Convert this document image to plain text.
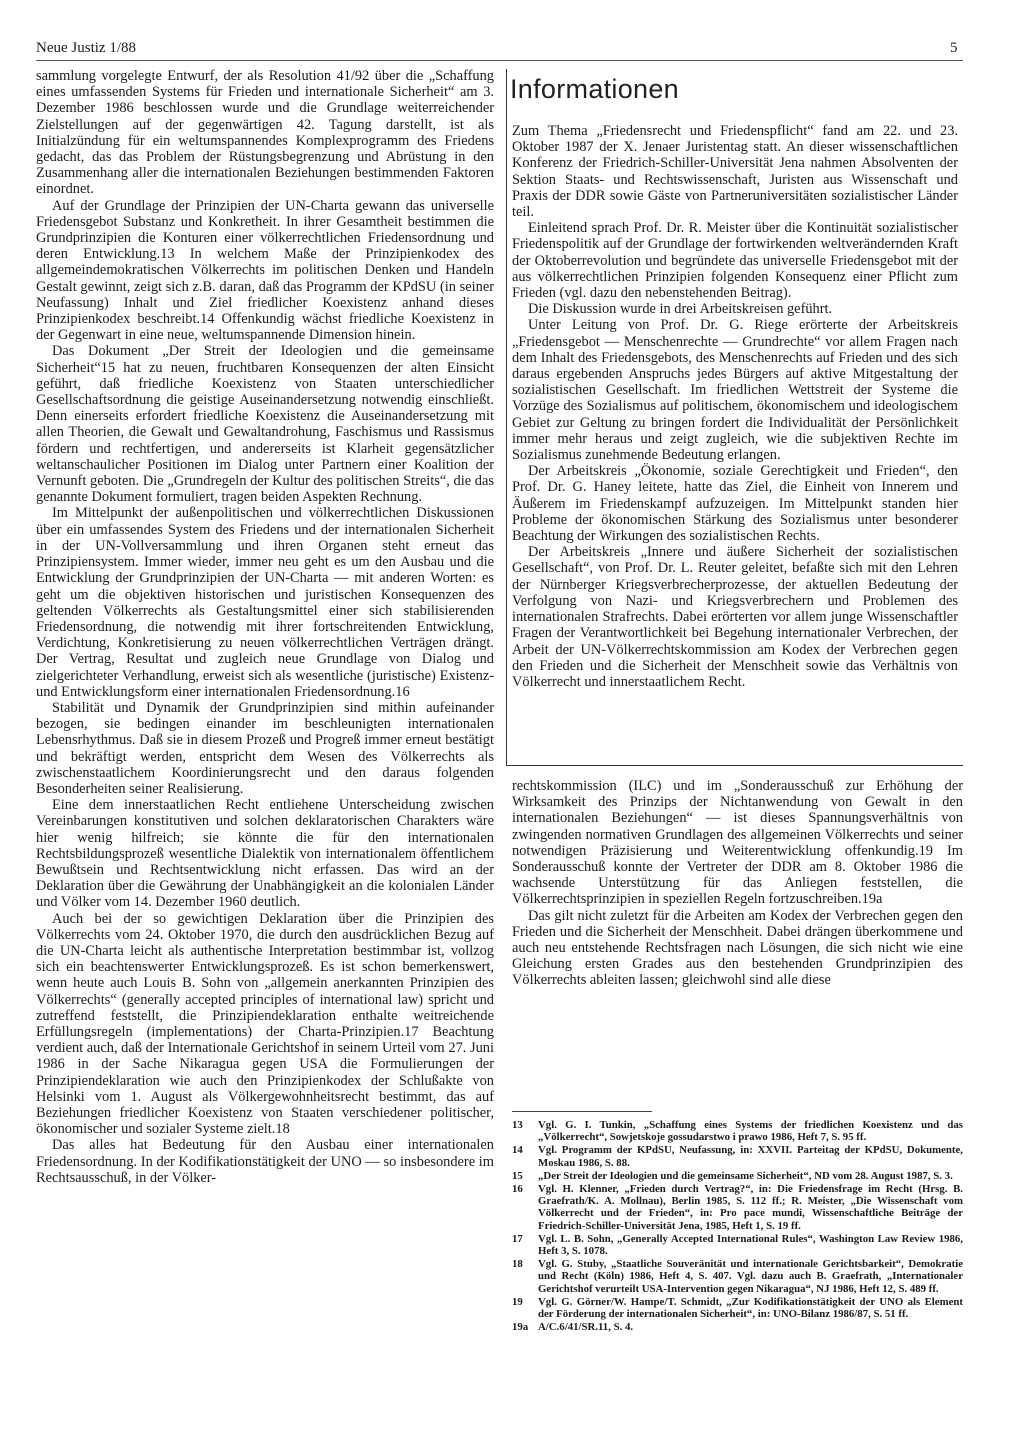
Neue Justiz 1/88	5

sammlung vorgelegte Entwurf, der als Resolution 41/92 über die „Schaffung eines umfassenden Systems für Frieden und internationale Sicherheit“ am 3. Dezember 1986 beschlossen wurde und die Grundlage weiterreichender Zielstellungen auf der gegenwärtigen 42. Tagung darstellt, ist als Initialzündung für ein weltumspannendes Komplexprogramm des Friedens gedacht, das das Problem der Rüstungsbegrenzung und Abrüstung in den Zusammenhang aller die internationalen Beziehungen bestimmenden Faktoren einordnet.

Auf der Grundlage der Prinzipien der UN-Charta gewann das universelle Friedensgebot Substanz und Konkretheit. In ihrer Gesamtheit bestimmen die Grundprinzipien die Konturen einer völkerrechtlichen Friedensordnung und deren Entwicklung.13 In welchem Maße der Prinzipienkodex des allgemeindemokratischen Völkerrechts im politischen Denken und Handeln Gestalt gewinnt, zeigt sich z.B. daran, daß das Programm der KPdSU (in seiner Neufassung) Inhalt und Ziel friedlicher Koexistenz anhand dieses Prinzipienkodex beschreibt.14 Offenkundig wächst friedliche Koexistenz in der Gegenwart in eine neue, weltumspannende Dimension hinein.

Das Dokument „Der Streit der Ideologien und die gemeinsame Sicherheit“15 hat zu neuen, fruchtbaren Konsequenzen der alten Einsicht geführt, daß friedliche Koexistenz von Staaten unterschiedlicher Gesellschaftsordnung die geistige Auseinandersetzung notwendig einschließt. Denn einerseits erfordert friedliche Koexistenz die Auseinandersetzung mit allen Theorien, die Gewalt und Gewaltandrohung, Faschismus und Rassismus fördern und rechtfertigen, und andererseits ist Klarheit gegensätzlicher weltanschaulicher Positionen im Dialog unter Partnern einer Koalition der Vernunft geboten. Die „Grundregeln der Kultur des politischen Streits“, die das genannte Dokument formuliert, tragen beiden Aspekten Rechnung.

Im Mittelpunkt der außenpolitischen und völkerrechtlichen Diskussionen über ein umfassendes System des Friedens und der internationalen Sicherheit in der UN-Vollversammlung und ihren Organen steht erneut das Prinzipiensystem. Immer wieder, immer neu geht es um den Ausbau und die Entwicklung der Grundprinzipien der UN-Charta — mit anderen Worten: es geht um die objektiven historischen und juristischen Konsequenzen des geltenden Völkerrechts als Gestaltungsmittel einer sich stabilisierenden Friedensordnung, die notwendig mit ihrer fortschreitenden Entwicklung, Verdichtung, Konkretisierung zu neuen völkerrechtlichen Verträgen drängt. Der Vertrag, Resultat und zugleich neue Grundlage von Dialog und zielgerichteter Verhandlung, erweist sich als wesentliche (juristische) Existenz- und Entwicklungsform einer internationalen Friedensordnung.16

Stabilität und Dynamik der Grundprinzipien sind mithin aufeinander bezogen, sie bedingen einander im beschleunigten internationalen Lebensrhythmus. Daß sie in diesem Prozeß und Progreß immer erneut bestätigt und bekräftigt werden, entspricht dem Wesen des Völkerrechts als zwischenstaatlichem Koordinierungsrecht und den daraus folgenden Besonderheiten seiner Realisierung.

Eine dem innerstaatlichen Recht entliehene Unterscheidung zwischen Vereinbarungen konstitutiven und solchen deklaratorischen Charakters wäre hier wenig hilfreich; sie könnte die für den internationalen Rechtsbildungsprozeß wesentliche Dialektik von internationalem öffentlichem Bewußtsein und Rechtsentwicklung nicht erfassen. Das wird an der Deklaration über die Gewährung der Unabhängigkeit an die kolonialen Länder und Völker vom 14. Dezember 1960 deutlich.

Auch bei der so gewichtigen Deklaration über die Prinzipien des Völkerrechts vom 24. Oktober 1970, die durch den ausdrücklichen Bezug auf die UN-Charta leicht als authentische Interpretation bestimmbar ist, vollzog sich ein beachtenswerter Entwicklungsprozeß. Es ist schon bemerkenswert, wenn heute auch Louis B. Sohn von „allgemein anerkannten Prinzipien des Völkerrechts“ (generally accepted principles of international law) spricht und zutreffend feststellt, die Prinzipiendeklaration enthalte weitreichende Erfüllungsregeln (implementations) der Charta-Prinzipien.17 Beachtung verdient auch, daß der Internationale Gerichtshof in seinem Urteil vom 27. Juni 1986 in der Sache Nikaragua gegen USA die Formulierungen der Prinzipiendeklaration wie auch den Prinzipienkodex der Schlußakte von Helsinki vom 1. August als Völkergewohnheitsrecht bestimmt, das auf Beziehungen friedlicher Koexistenz von Staaten verschiedener politischer, ökonomischer und sozialer Systeme zielt.18

Das alles hat Bedeutung für den Ausbau einer internationalen Friedensordnung. In der Kodifikationstätigkeit der UNO — so insbesondere im Rechtsausschuß, in der Völker-

Informationen

Zum Thema „Friedensrecht und Friedenspflicht“ fand am 22. und 23. Oktober 1987 der X. Jenaer Juristentag statt. An dieser wissenschaftlichen Konferenz der Friedrich-Schiller-Universität Jena nahmen Absolventen der Sektion Staats- und Rechtswissenschaft, Juristen aus Wissenschaft und Praxis der DDR sowie Gäste von Partneruniversitäten sozialistischer Länder teil.

Einleitend sprach Prof. Dr. R. Meister über die Kontinuität sozialistischer Friedenspolitik auf der Grundlage der fortwirkenden weltverändernden Kraft der Oktoberrevolution und begründete das universelle Friedensgebot mit der aus völkerrechtlichen Prinzipien folgenden Konsequenz einer Pflicht zum Frieden (vgl. dazu den nebenstehenden Beitrag).

Die Diskussion wurde in drei Arbeitskreisen geführt.

Unter Leitung von Prof. Dr. G. Riege erörterte der Arbeitskreis „Friedensgebot — Menschenrechte — Grundrechte“ vor allem Fragen nach dem Inhalt des Friedensgebots, des Menschenrechts auf Frieden und des sich daraus ergebenden Anspruchs jedes Bürgers auf aktive Mitgestaltung der sozialistischen Gesellschaft. Im friedlichen Wettstreit der Systeme die Vorzüge des Sozialismus auf politischem, ökonomischem und ideologischem Gebiet zur Geltung zu bringen fordert die Individualität der Persönlichkeit immer mehr heraus und zeigt zugleich, wie die subjektiven Rechte im Sozialismus zunehmende Bedeutung erlangen.

Der Arbeitskreis „Ökonomie, soziale Gerechtigkeit und Frieden“, den Prof. Dr. G. Haney leitete, hatte das Ziel, die Einheit von Innerem und Äußerem im Friedenskampf aufzuzeigen. Im Mittelpunkt standen hier Probleme der ökonomischen Stärkung des Sozialismus unter besonderer Beachtung der Wirkungen des sozialistischen Rechts.

Der Arbeitskreis „Innere und äußere Sicherheit der sozialistischen Gesellschaft“, von Prof. Dr. L. Reuter geleitet, befaßte sich mit den Lehren der Nürnberger Kriegsverbrecherprozesse, der aktuellen Bedeutung der Verfolgung von Nazi- und Kriegsverbrechern und Problemen des internationalen Strafrechts. Dabei erörterten vor allem junge Wissenschaftler Fragen der Verantwortlichkeit bei Begehung internationaler Verbrechen, der Arbeit der UN-Völkerrechtskommission am Kodex der Verbrechen gegen den Frieden und die Sicherheit der Menschheit sowie das Verhältnis von Völkerrecht und innerstaatlichem Recht.

rechtskommission (ILC) und im „Sonderausschuß zur Erhöhung der Wirksamkeit des Prinzips der Nichtanwendung von Gewalt in den internationalen Beziehungen“ — ist dieses Spannungsverhältnis von zwingenden normativen Grundlagen des allgemeinen Völkerrechts und seiner notwendigen Präzisierung und Weiterentwicklung offenkundig.19 Im Sonderausschuß konnte der Vertreter der DDR am 8. Oktober 1986 die wachsende Unterstützung für das Anliegen feststellen, die Völkerrechtsprinzipien in speziellen Regeln fortzuschreiben.19a

Das gilt nicht zuletzt für die Arbeiten am Kodex der Verbrechen gegen den Frieden und die Sicherheit der Menschheit. Dabei drängen überkommene und auch neu entstehende Rechtsfragen nach Lösungen, die sich nicht wie eine Gleichung ersten Grades aus den bestehenden Grundprinzipien des Völkerrechts ableiten lassen; gleichwohl sind alle diese

13	Vgl. G. I. Tunkin, „Schaffung eines Systems der friedlichen Koexistenz und das „Völkerrecht“, Sowjetskoje gossudarstwo i prawo 1986, Heft 7, S. 95 ff.
14	Vgl. Programm der KPdSU, Neufassung, in: XXVII. Parteitag der KPdSU, Dokumente, Moskau 1986, S. 88.
15	„Der Streit der Ideologien und die gemeinsame Sicherheit“, ND vom 28. August 1987, S. 3.
16	Vgl. H. Klenner, „Frieden durch Vertrag?“, in: Die Friedensfrage im Recht (Hrsg. B. Graefrath/K. A. Mollnau), Berlin 1985, S. 112 ff.; R. Meister, „Die Wissenschaft vom Völkerrecht und der Frieden“, in: Pro pace mundi, Wissenschaftliche Beiträge der Friedrich-Schiller-Universität Jena, 1985, Heft 1, S. 19 ff.
17	Vgl. L. B. Sohn, „Generally Accepted International Rules“, Washington Law Review 1986, Heft 3, S. 1078.
18	Vgl. G. Stuby, „Staatliche Souveränität und internationale Gerichtsbarkeit“, Demokratie und Recht (Köln) 1986, Heft 4, S. 407. Vgl. dazu auch B. Graefrath, „Internationaler Gerichtshof verurteilt USA-Intervention gegen Nikaragua“, NJ 1986, Heft 12, S. 489 ff.
19	Vgl. G. Görner/W. Hampe/T. Schmidt, „Zur Kodifikationstätigkeit der UNO als Element der Förderung der internationalen Sicherheit“, in: UNO-Bilanz 1986/87, S. 51 ff.
19a A/C.6/41/SR.11, S. 4.
